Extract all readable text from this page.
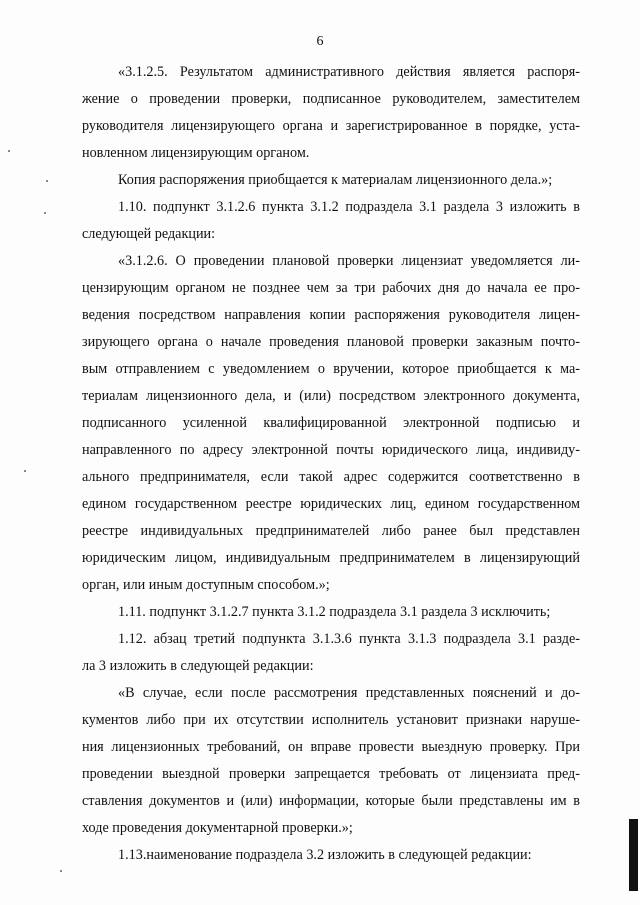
6
«3.1.2.5. Результатом административного действия является распоря-
жение о проведении проверки, подписанное руководителем, заместителем
руководителя лицензирующего органа и зарегистрированное в порядке, уста-
новленном лицензирующим органом.
Копия распоряжения приобщается к материалам лицензионного дела.»;
1.10. подпункт 3.1.2.6 пункта 3.1.2 подраздела 3.1 раздела 3 изложить в
следующей редакции:
«3.1.2.6. О проведении плановой проверки лицензиат уведомляется ли-
цензирующим органом не позднее чем за три рабочих дня до начала ее про-
ведения посредством направления копии распоряжения руководителя лицен-
зирующего органа о начале проведения плановой проверки заказным почто-
вым отправлением с уведомлением о вручении, которое приобщается к ма-
териалам лицензионного дела, и (или) посредством электронного документа,
подписанного усиленной квалифицированной электронной подписью и
направленного по адресу электронной почты юридического лица, индивиду-
ального предпринимателя, если такой адрес содержится соответственно в
едином государственном реестре юридических лиц, едином государственном
реестре индивидуальных предпринимателей либо ранее был представлен
юридическим лицом, индивидуальным предпринимателем в лицензирующий
орган, или иным доступным способом.»;
1.11. подпункт 3.1.2.7 пункта 3.1.2 подраздела 3.1 раздела 3 исключить;
1.12. абзац третий подпункта 3.1.3.6 пункта 3.1.3 подраздела 3.1 разде-
ла 3 изложить в следующей редакции:
«В случае, если после рассмотрения представленных пояснений и до-
кументов либо при их отсутствии исполнитель установит признаки наруше-
ния лицензионных требований, он вправе провести выездную проверку. При
проведении выездной проверки запрещается требовать от лицензиата пред-
ставления документов и (или) информации, которые были представлены им в
ходе проведения документарной проверки.»;
1.13.наименование подраздела 3.2 изложить в следующей редакции:
